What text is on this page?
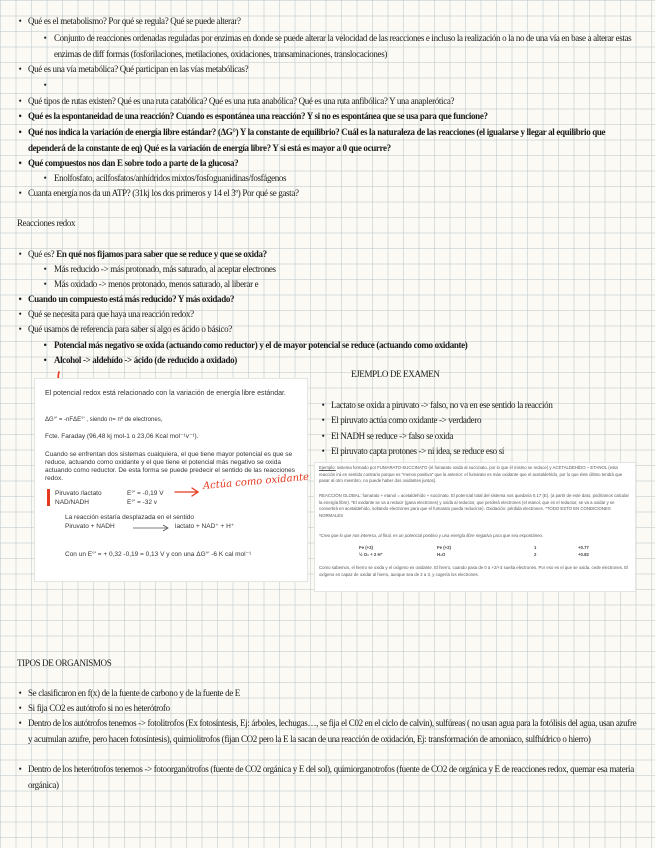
• Qué es el metabolismo? Por qué se regula? Qué se puede alterar?
• Conjunto de reacciones ordenadas reguladas por enzimas en donde se puede alterar la velocidad de las reacciones e incluso la realización o la no de una vía en base a alterar estas enzimas de diff formas (fosforilaciones, metilaciones, oxidaciones, transaminaciones, translocaciones)
• Qué es una vía metabólica? Qué participan en las vías metabólicas?
•
• Qué tipos de rutas existen? Qué es una ruta catabólica? Qué es una ruta anabólica? Qué es una ruta anfibólica? Y una anaplerótica?
• Qué es la espontaneidad de una reacción? Cuando es espontánea una reacción? Y si no es espontánea que se usa para que funcione?
• Qué nos indica la variación de energía libre estándar? (ΔG°) Y la constante de equilibrio? Cuál es la naturaleza de las reacciones (el igualarse y llegar al equilibrio que dependerá de la constante de eq) Qué es la variación de energía libre? Y si está es mayor a 0 que ocurre?
• Qué compuestos nos dan E sobre todo a parte de la glucosa?
• Enolfosfato, acilfosfatos/anhídridos mixtos/fosfoguanidinas/fosfágenos
• Cuanta energía nos da un ATP? (31kj los dos primeros y 14 el 3º) Por qué se gasta?
Reacciones redox
• Qué es? En qué nos fijamos para saber que se reduce y que se oxida?
• Más reducido -> más protonado, más saturado, al aceptar electrones
• Más oxidado -> menos protonado, menos saturado, al liberar e
• Cuando un compuesto está más reducido? Y más oxidado?
• Qué se necesita para que haya una reacción redox?
• Qué usamos de referencia para saber si algo es ácido o básico?
• Potencial más negativo se oxida (actuando como reductor) y el de mayor potencial se reduce (actuando como oxidante)
• Alcohol -> aldehído -> ácido (de reducido a oxidado)
El potencial redox está relacionado con la variación de energía libre estándar.
ΔG°' = -nFΔE°' , siendo n= nº de electrones,
Fcte. Faraday (96,48 kj mol-1 o 23,06 Kcal mol⁻¹v⁻¹).
Cuando se enfrentan dos sistemas cualquiera, el que tiene mayor potencial es que se reduce, actuando como oxidante y el que tiene el potencial más negativo se oxida actuando como reductor. De esta forma se puede predecir el sentido de las reacciones redox.
Piruvato /lactato	E°' = -0,19 V
NAD/NADH	E°' = -32 v
Actúa como oxidante
La reacción estaría desplazada en el sentido
Piruvato + NADH → lactato + NAD⁺ + H⁺
Con un E°' = + 0,32 -0,19 = 0,13 V y con una ΔG°' -6 K cal mol⁻¹
EJEMPLO DE EXAMEN
• Lactato se oxida a piruvato -> falso, no va en ese sentido la reacción
• El piruvato actúa como oxidante -> verdadero
• El NADH se reduce -> falso se oxida
• El piruvato capta protones -> ni idea, se reduce eso sí
Ejemplo: sistema formado por FUMARATO-SUCCINATO (el fumarato oxida al succinato, por lo que él mismo se reduce) y ACETALDEHÍDO – ETANOL (esta reacción irá en sentido contrario porque es "menos positiva" que la anterior: el fumarato es más oxidante que el acetaldehído, por lo que éste último tendrá que pasar al otro miembro, no puede haber dos oxidantes juntos).
REACCIÓN GLOBAL: fumarato + etanol = acetaldehído + succinato. El potencial total del sistema nos quedaría 0,17 (E). (a partir de este dato, podríamos calcular la energía libre). *El oxidante se va a reducir (gana electrones) y oxida al reductor, que perderá electrones (el etanol, que es el reductor, se va a oxidar y se convertirá en acetaldehído, soltando electrones para que el fumarato pueda reducirse). Oxidación: pérdida electrones. *TODO ESTO EN CONDICIONES NORMALES
*Creo que lo que nos interesa, al final, es un potencial positivo y una energía libre negativa para que sea espontáneo.
Fe (+3)	Fe (+2)	1	+0.77
½ O₂ + 2 H⁺	H₂O	2	+0.82
Como sabemos, el hierro se oxida y el oxígeno es oxidante. El hierro, cuando pasa de 0 a +2/+3 suelta electrones. Por eso es el que se oxida, cede electrones. El oxígeno es capaz de oxidar al hierro, aunque sea de 2 a 3, y cogería los electrones.
TIPOS DE ORGANISMOS
• Se clasificaron en f(x) de la fuente de carbono y de la fuente de E
• Si fija CO2 es autótrofo si no es heterótrofo
• Dentro de los autótrofos tenemos -> fotolitrofos (Ex fotosíntesis, Ej: árboles, lechugas…, se fija el C02 en el ciclo de calvin), sulfúreas ( no usan agua para la fotólisis del agua, usan azufre y acumulan azufre, pero hacen fotosíntesis), quimiolitrofos (fijan CO2 pero la E la sacan de una reacción de oxidación, Ej: transformación de amoniaco, sulfhídrico o hierro)
• Dentro de los heterótrofos tenemos -> fotoorganótrofos (fuente de CO2 orgánica y E del sol), quimiorganotrofos (fuente de CO2 de orgánica y E de reacciones redox, quemar esa materia orgánica)
